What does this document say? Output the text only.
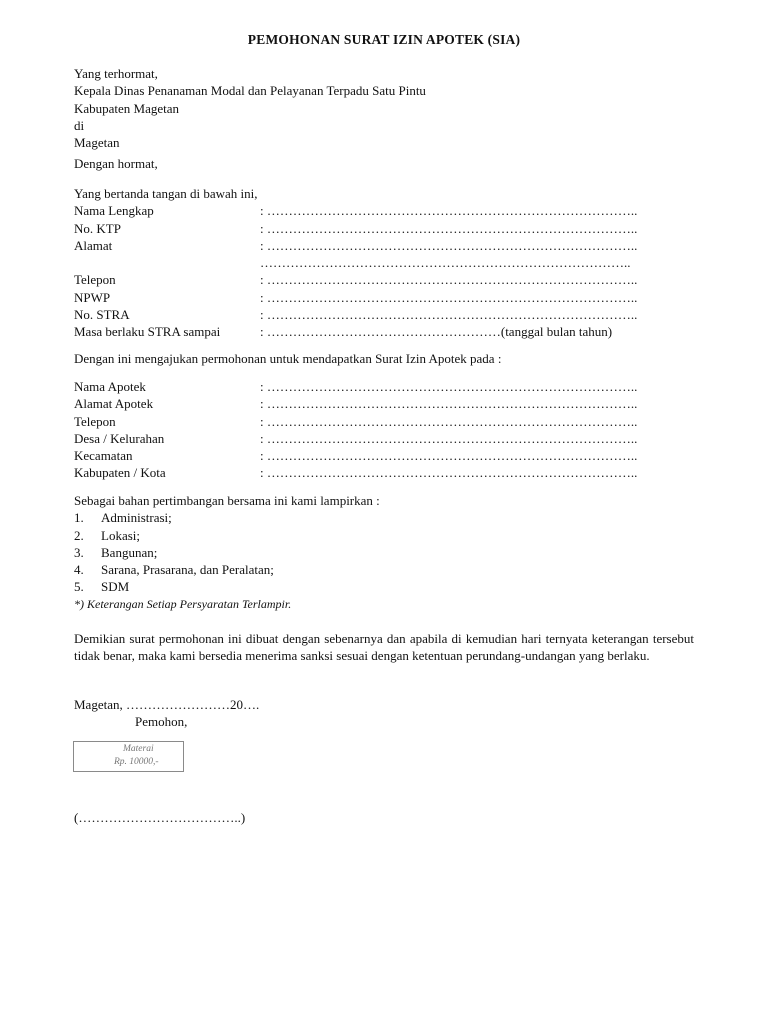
PEMOHONAN SURAT IZIN APOTEK (SIA)
Yang terhormat,
Kepala Dinas Penanaman Modal dan Pelayanan Terpadu Satu Pintu
Kabupaten Magetan
di
Magetan
Dengan hormat,
Yang bertanda tangan di bawah ini,
Nama Lengkap	: …………………………………………………………………………..
No. KTP	: …………………………………………………………………………..
Alamat	: …………………………………………………………………………..
…………………………………………………………………………..
Telepon	: …………………………………………………………………………..
NPWP	: …………………………………………………………………………..
No. STRA	: …………………………………………………………………………..
Masa berlaku STRA sampai	: ………………………………………………(tanggal bulan tahun)
Dengan ini mengajukan permohonan untuk mendapatkan Surat Izin Apotek pada :
Nama Apotek	: …………………………………………………………………………..
Alamat Apotek	: …………………………………………………………………………..
Telepon	: …………………………………………………………………………..
Desa / Kelurahan	: …………………………………………………………………………..
Kecamatan	: …………………………………………………………………………..
Kabupaten / Kota	: …………………………………………………………………………..
Sebagai bahan pertimbangan bersama ini kami lampirkan :
1. Administrasi;
2. Lokasi;
3. Bangunan;
4. Sarana, Prasarana, dan Peralatan;
5. SDM
*) Keterangan Setiap Persyaratan Terlampir.
Demikian surat permohonan ini dibuat dengan sebenarnya dan apabila di kemudian hari ternyata keterangan tersebut tidak benar, maka kami bersedia menerima sanksi sesuai dengan ketentuan perundang-undangan yang berlaku.
Magetan, ……………………20….
Pemohon,
Materai
Rp. 10000,-
(………………………………..)
